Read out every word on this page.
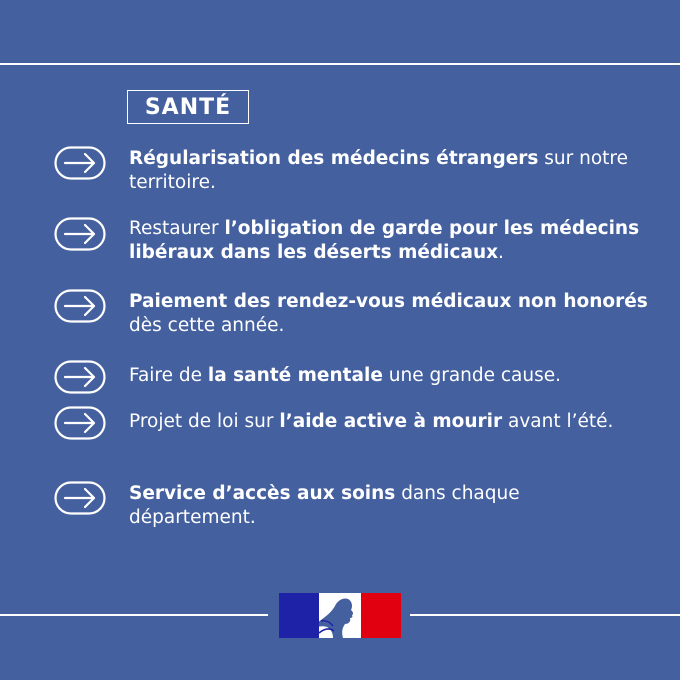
SANTÉ

Régularisation des médecins étrangers sur notre territoire.

Restaurer l’obligation de garde pour les médecins libéraux dans les déserts médicaux.

Paiement des rendez-vous médicaux non honorés dès cette année.

Faire de la santé mentale une grande cause.

Projet de loi sur l’aide active à mourir avant l’été.

Service d’accès aux soins dans chaque département.
